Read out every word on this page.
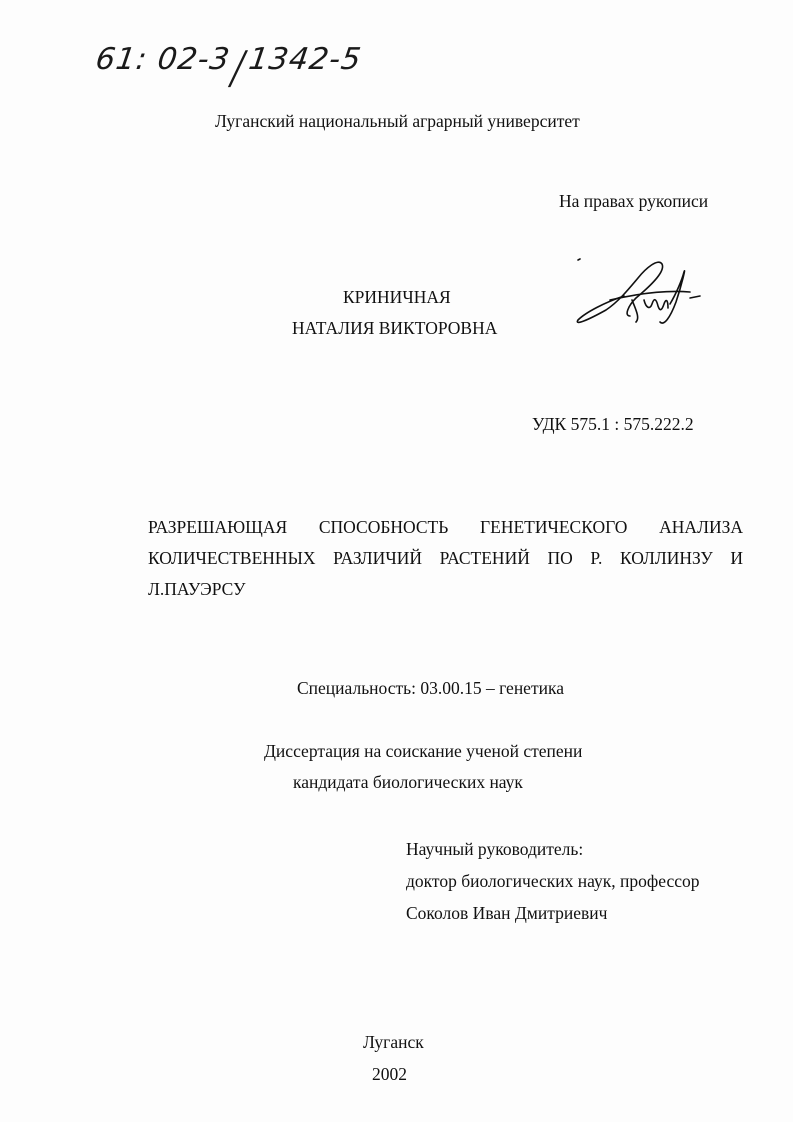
61: 02-3/1342-5
Луганский национальный аграрный университет
На правах рукописи
КРИНИЧНАЯ
НАТАЛИЯ ВИКТОРОВНА
УДК 575.1 : 575.222.2
РАЗРЕШАЮЩАЯ СПОСОБНОСТЬ ГЕНЕТИЧЕСКОГО АНАЛИЗА
КОЛИЧЕСТВЕННЫХ РАЗЛИЧИЙ РАСТЕНИЙ ПО Р. КОЛЛИНЗУ И
Л.ПАУЭРСУ
Специальность: 03.00.15 – генетика
Диссертация на соискание ученой степени
кандидата биологических наук
Научный руководитель:
доктор биологических наук, профессор
Соколов Иван Дмитриевич
Луганск
2002
